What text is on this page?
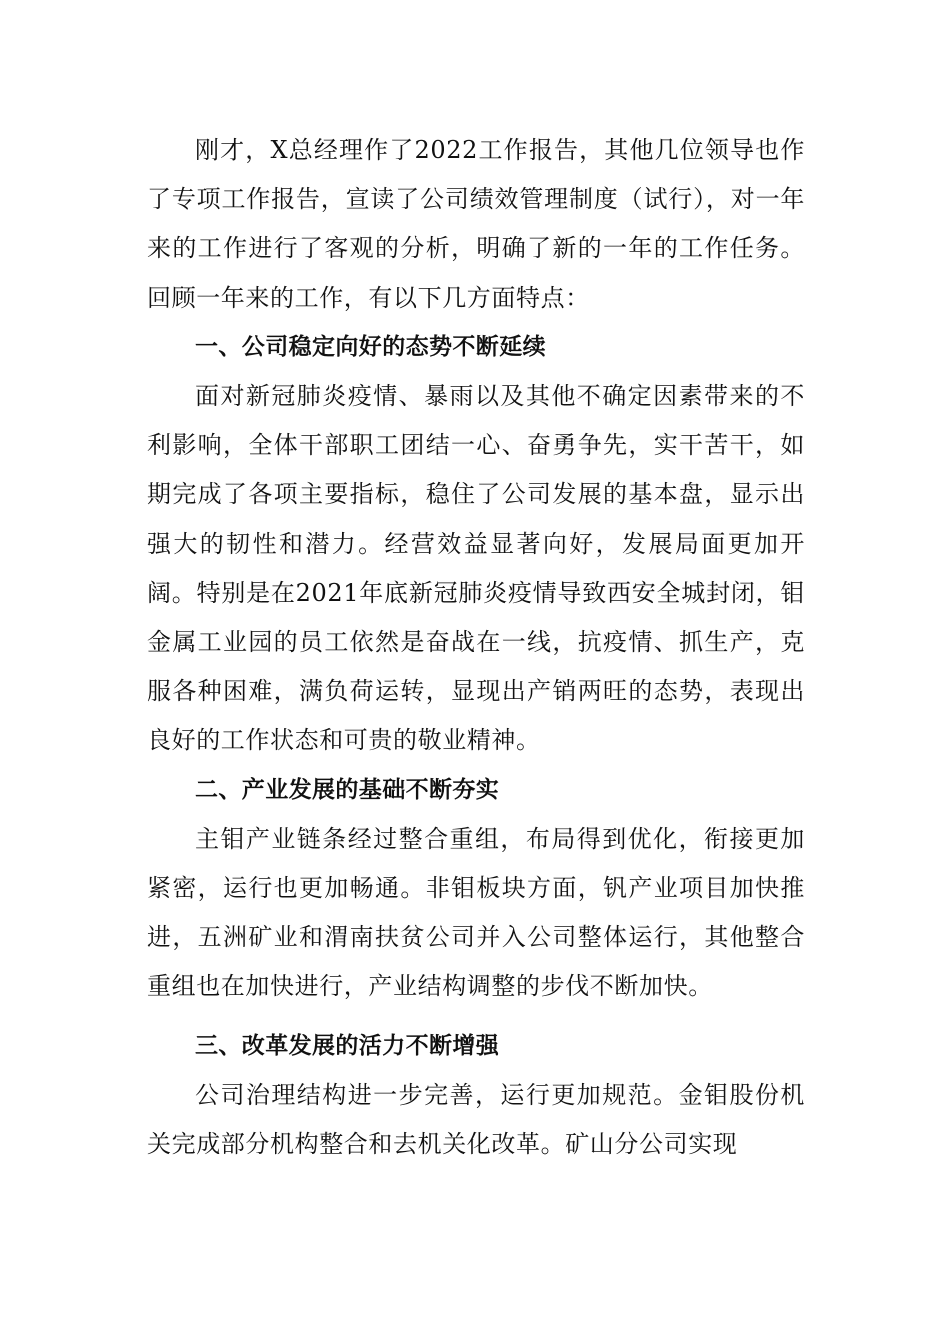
刚才，X总经理作了2022工作报告，其他几位领导也作了专项工作报告，宣读了公司绩效管理制度（试行），对一年来的工作进行了客观的分析，明确了新的一年的工作任务。回顾一年来的工作，有以下几方面特点：

一、公司稳定向好的态势不断延续

面对新冠肺炎疫情、暴雨以及其他不确定因素带来的不利影响，全体干部职工团结一心、奋勇争先，实干苦干，如期完成了各项主要指标，稳住了公司发展的基本盘，显示出强大的韧性和潜力。经营效益显著向好，发展局面更加开阔。特别是在2021年底新冠肺炎疫情导致西安全城封闭，钼金属工业园的员工依然是奋战在一线，抗疫情、抓生产，克服各种困难，满负荷运转，显现出产销两旺的态势，表现出良好的工作状态和可贵的敬业精神。

二、产业发展的基础不断夯实

主钼产业链条经过整合重组，布局得到优化，衔接更加紧密，运行也更加畅通。非钼板块方面，钒产业项目加快推进，五洲矿业和渭南扶贫公司并入公司整体运行，其他整合重组也在加快进行，产业结构调整的步伐不断加快。

三、改革发展的活力不断增强

公司治理结构进一步完善，运行更加规范。金钼股份机关完成部分机构整合和去机关化改革。矿山分公司实现
